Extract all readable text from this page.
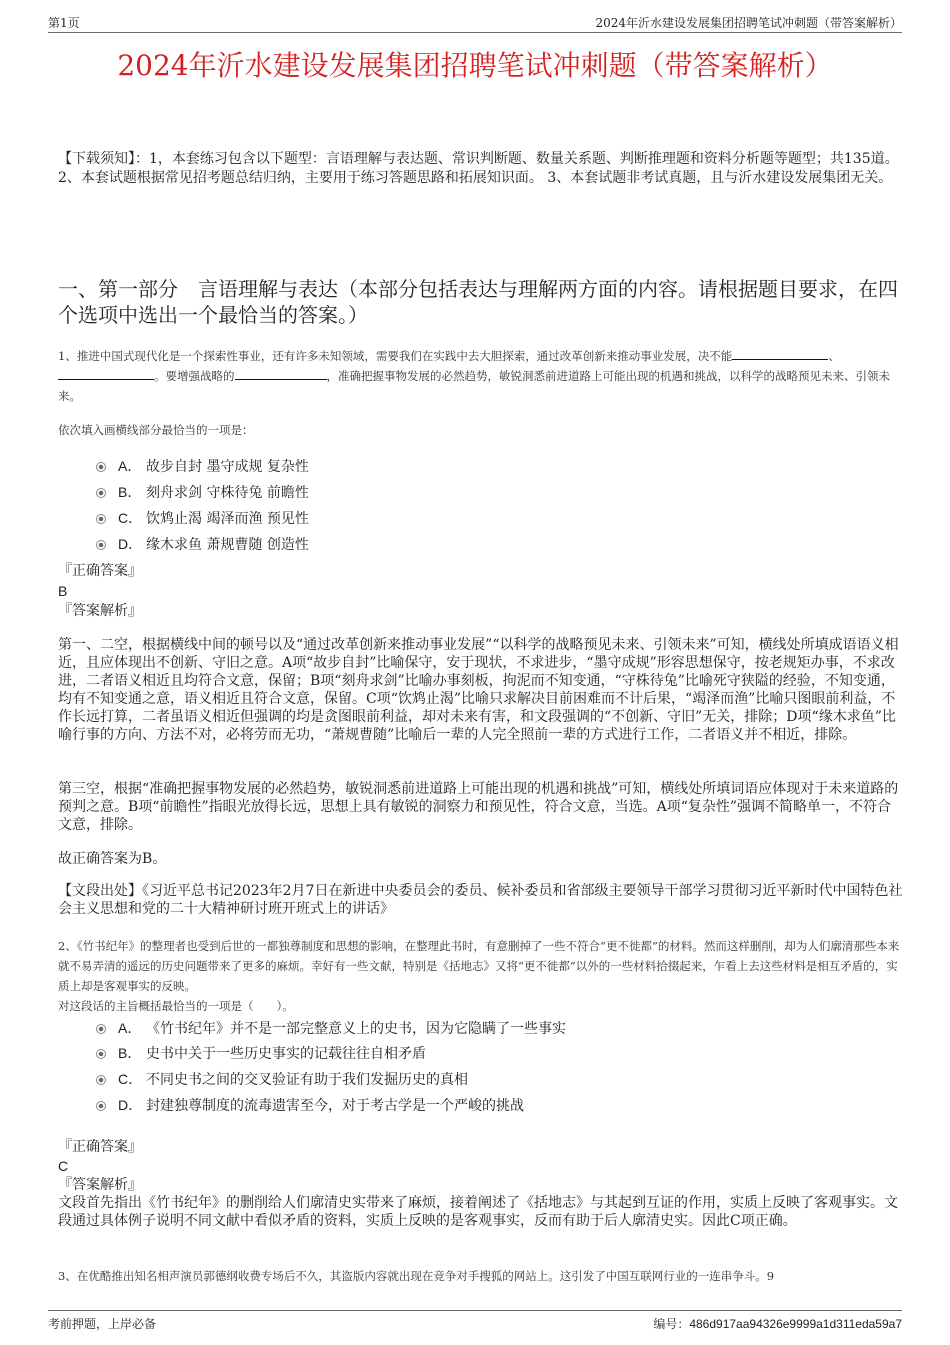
第1页	2024年沂水建设发展集团招聘笔试冲刺题（带答案解析）
2024年沂水建设发展集团招聘笔试冲刺题（带答案解析）
【下载须知】：1，本套练习包含以下题型：言语理解与表达题、常识判断题、数量关系题、判断推理题和资料分析题等题型；共135道。 2、本套试题根据常见招考题总结归纳，主要用于练习答题思路和拓展知识面。 3、本套试题非考试真题，且与沂水建设发展集团无关。
一、第一部分　言语理解与表达（本部分包括表达与理解两方面的内容。请根据题目要求，在四个选项中选出一个最恰当的答案。）
1、推进中国式现代化是一个探索性事业，还有许多未知领域，需要我们在实践中去大胆探索，通过改革创新来推动事业发展，决不能	、。要增强战略的	，准确把握事物发展的必然趋势，敏锐洞悉前进道路上可能出现的机遇和挑战，以科学的战略预见未来、引领未来。
依次填入画横线部分最恰当的一项是：
A． 故步自封 墨守成规 复杂性
B． 刻舟求剑 守株待兔 前瞻性
C． 饮鸩止渴 竭泽而渔 预见性
D． 缘木求鱼 萧规曹随 创造性
『正确答案』
B
『答案解析』
第一、二空，根据横线中间的顿号以及“通过改革创新来推动事业发展”“以科学的战略预见未来、引领未来”可知，横线处所填成语语义相近，且应体现出不创新、守旧之意。A项“故步自封”比喻保守，安于现状，不求进步，“墨守成规”形容思想保守，按老规矩办事，不求改进，二者语义相近且均符合文意，保留；B项“刻舟求剑”比喻办事刻板，拘泥而不知变通，“守株待兔”比喻死守狭隘的经验，不知变通，均有不知变通之意，语义相近且符合文意，保留。C项“饮鸩止渴”比喻只求解决目前困难而不计后果，“竭泽而渔”比喻只图眼前利益，不作长远打算，二者虽语义相近但强调的均是贪图眼前利益，却对未来有害，和文段强调的“不创新、守旧”无关，排除；D项“缘木求鱼”比喻行事的方向、方法不对，必将劳而无功，“萧规曹随”比喻后一辈的人完全照前一辈的方式进行工作，二者语义并不相近，排除。
第三空，根据“准确把握事物发展的必然趋势，敏锐洞悉前进道路上可能出现的机遇和挑战”可知，横线处所填词语应体现对于未来道路的预判之意。B项“前瞻性”指眼光放得长远，思想上具有敏锐的洞察力和预见性，符合文意，当选。A项“复杂性”强调不简略单一，不符合文意，排除。
故正确答案为B。
【文段出处】《习近平总书记2023年2月7日在新进中央委员会的委员、候补委员和省部级主要领导干部学习贯彻习近平新时代中国特色社会主义思想和党的二十大精神研讨班开班式上的讲话》
2、《竹书纪年》的整理者也受到后世的一都独尊制度和思想的影响，在整理此书时，有意删掉了一些不符合“更不徙都”的材料。然而这样删削，却为人们廓清那些本来就不易弄清的遥远的历史问题带来了更多的麻烦。幸好有一些文献，特别是《括地志》又将“更不徙都”以外的一些材料拾掇起来，乍看上去这些材料是相互矛盾的，实质上却是客观事实的反映。
对这段话的主旨概括最恰当的一项是（　　）。
A． 《竹书纪年》并不是一部完整意义上的史书，因为它隐瞒了一些事实
B． 史书中关于一些历史事实的记载往往自相矛盾
C． 不同史书之间的交叉验证有助于我们发掘历史的真相
D． 封建独尊制度的流毒遗害至今，对于考古学是一个严峻的挑战
『正确答案』
C
『答案解析』
文段首先指出《竹书纪年》的删削给人们廓清史实带来了麻烦，接着阐述了《括地志》与其起到互证的作用，实质上反映了客观事实。文段通过具体例子说明不同文献中看似矛盾的资料，实质上反映的是客观事实，反而有助于后人廓清史实。因此C项正确。
3、在优酷推出知名相声演员郭德纲收费专场后不久，其盗版内容就出现在竞争对手搜狐的网站上。这引发了中国互联网行业的一连串争斗。9
考前押题，上岸必备	编号：486d917aa94326e9999a1d311eda59a7
